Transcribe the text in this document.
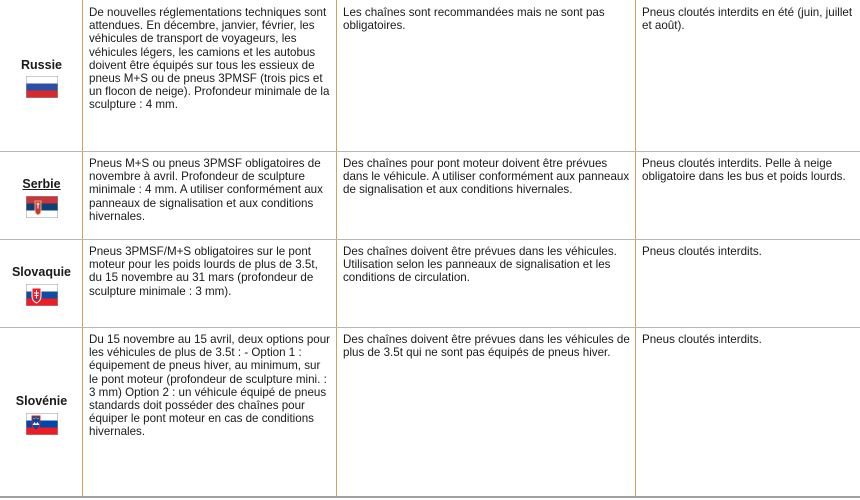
Russie
De nouvelles réglementations techniques sont attendues. En décembre, janvier, février, les véhicules de transport de voyageurs, les véhicules légers, les camions et les autobus doivent être équipés sur tous les essieux de pneus M+S ou de pneus 3PMSF (trois pics et un flocon de neige). Profondeur minimale de la sculpture : 4 mm.
Les chaînes sont recommandées mais ne sont pas obligatoires.
Pneus cloutés interdits en été (juin, juillet et août).
Serbie
Pneus M+S ou pneus 3PMSF obligatoires de novembre à avril. Profondeur de sculpture minimale : 4 mm. A utiliser conformément aux panneaux de signalisation et aux conditions hivernales.
Des chaînes pour pont moteur doivent être prévues dans le véhicule. A utiliser conformément aux panneaux de signalisation et aux conditions hivernales.
Pneus cloutés interdits. Pelle à neige obligatoire dans les bus et poids lourds.
Slovaquie
Pneus 3PMSF/M+S obligatoires sur le pont moteur pour les poids lourds de plus de 3.5t, du 15 novembre au 31 mars (profondeur de sculpture minimale : 3 mm).
Des chaînes doivent être prévues dans les véhicules. Utilisation selon les panneaux de signalisation et les conditions de circulation.
Pneus cloutés interdits.
Slovénie
Du 15 novembre au 15 avril, deux options pour les véhicules de plus de 3.5t : - Option 1 : équipement de pneus hiver, au minimum, sur le pont moteur (profondeur de sculpture mini. : 3 mm) Option 2 : un véhicule équipé de pneus standards doit posséder des chaînes pour équiper le pont moteur en cas de conditions hivernales.
Des chaînes doivent être prévues dans les véhicules de plus de 3.5t qui ne sont pas équipés de pneus hiver.
Pneus cloutés interdits.
